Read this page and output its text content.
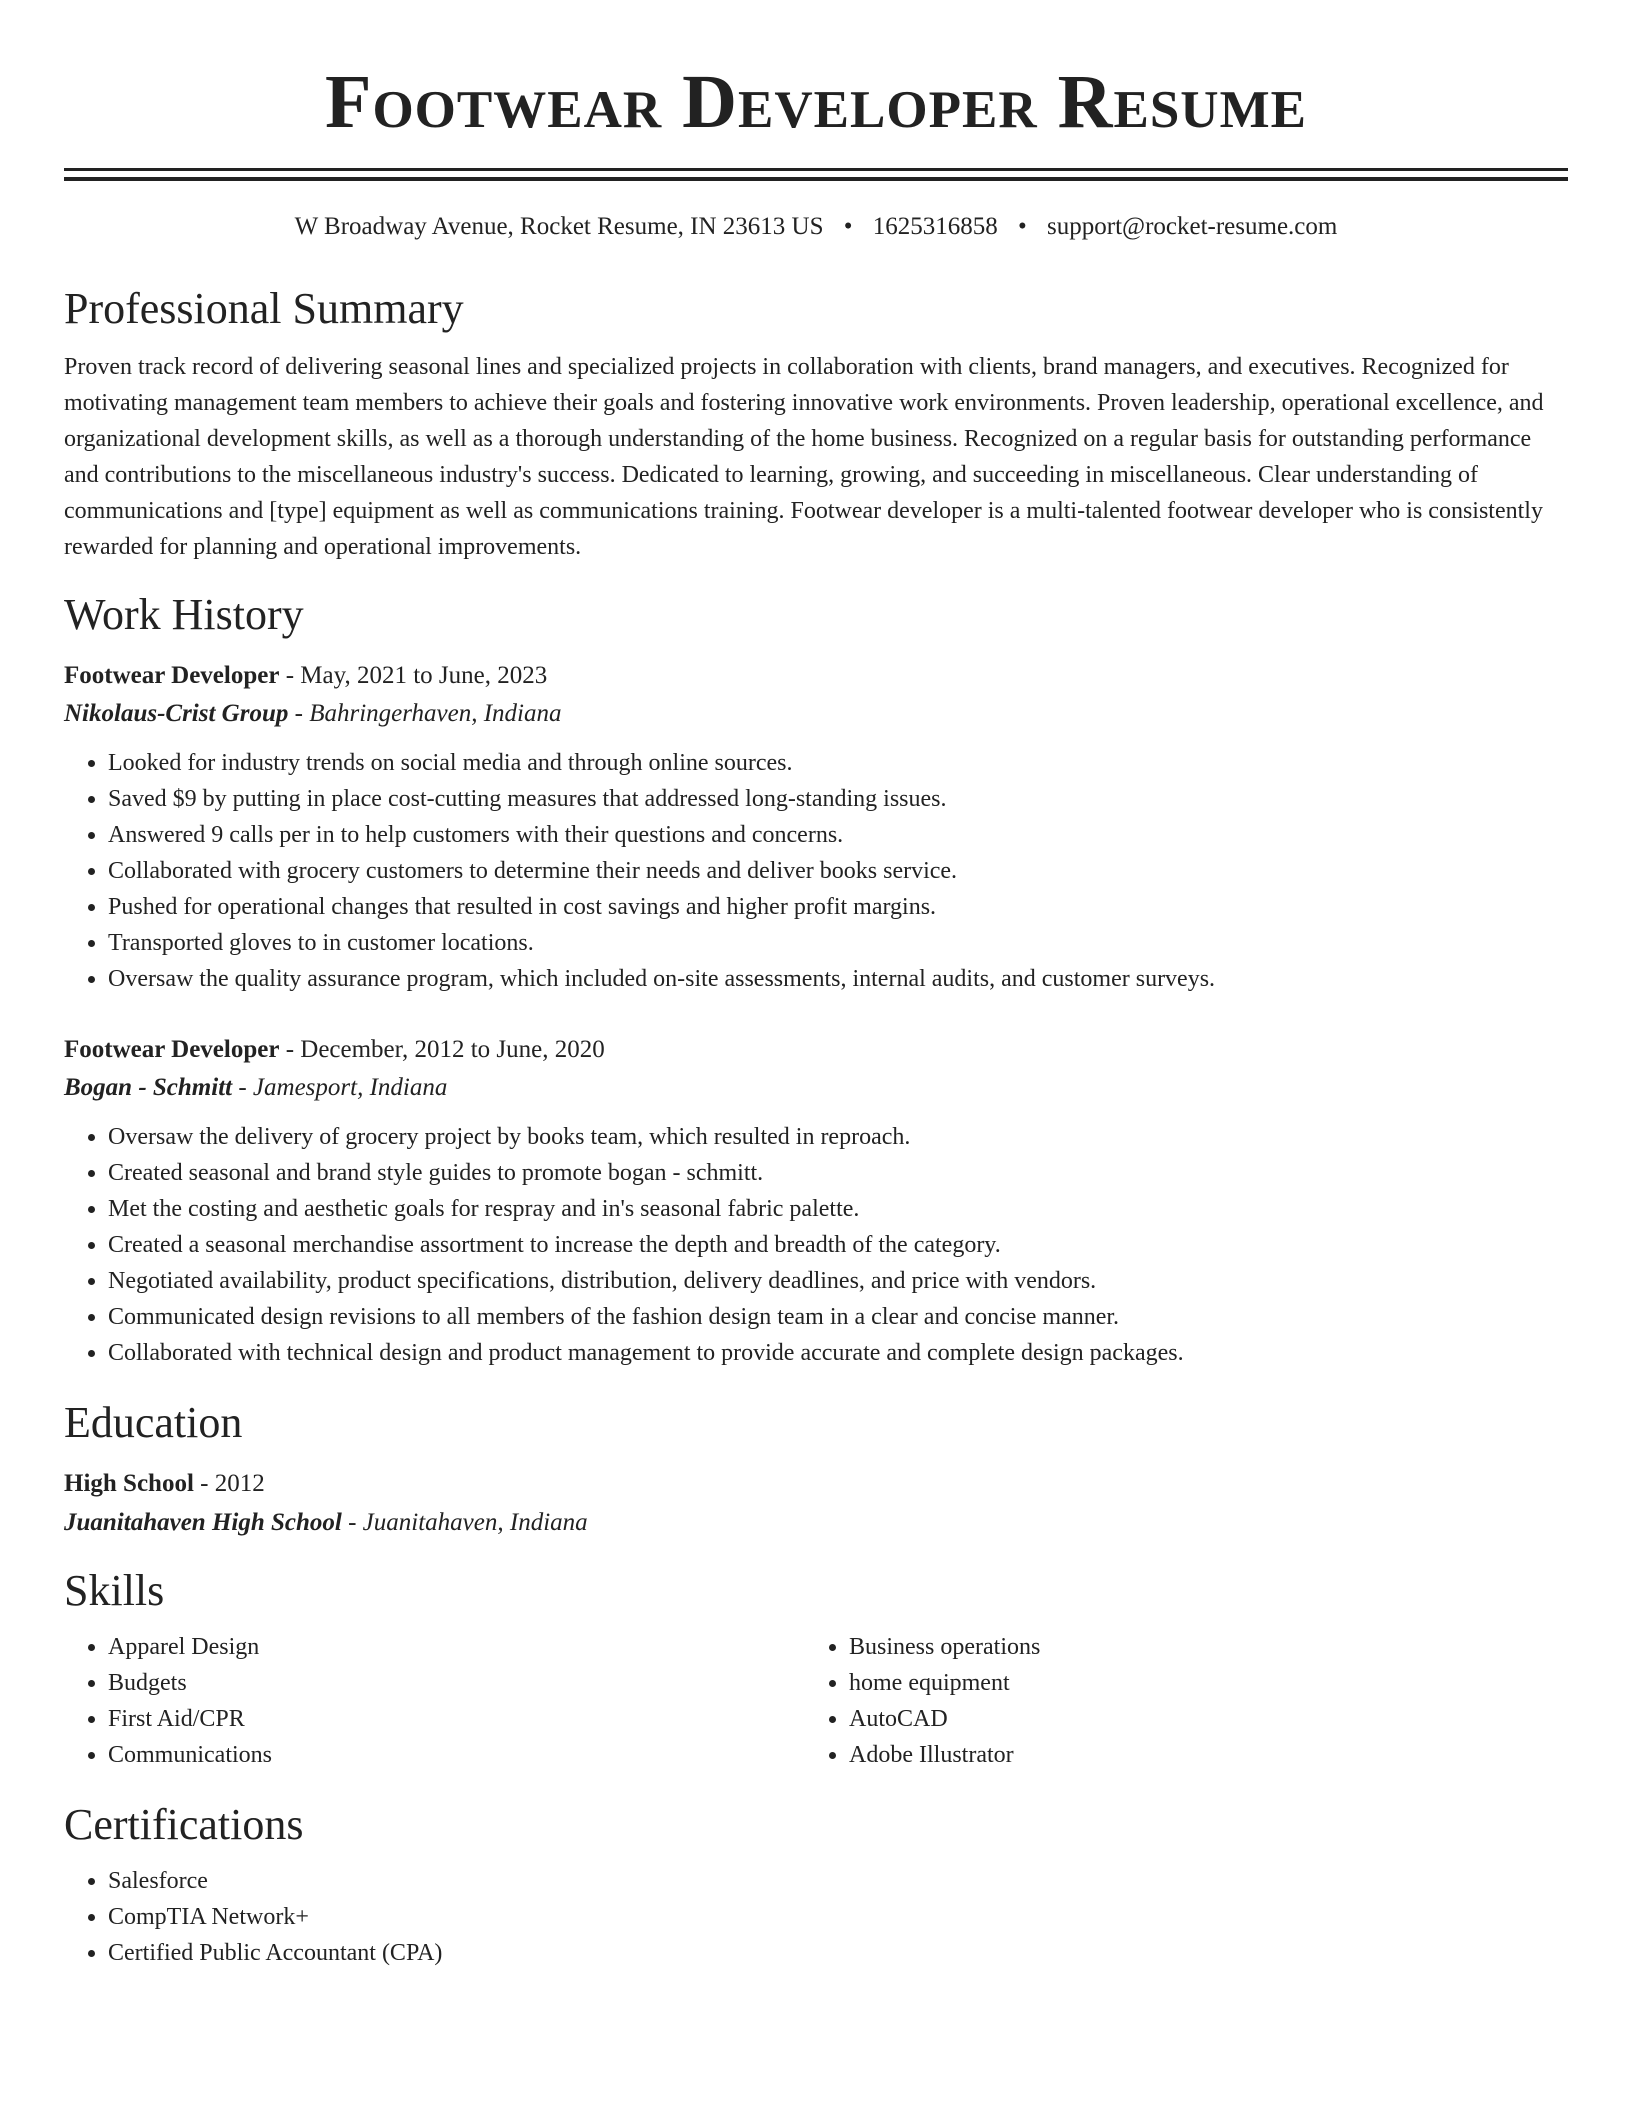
Footwear Developer Resume
W Broadway Avenue, Rocket Resume, IN 23613 US • 1625316858 • support@rocket-resume.com
Professional Summary
Proven track record of delivering seasonal lines and specialized projects in collaboration with clients, brand managers, and executives. Recognized for motivating management team members to achieve their goals and fostering innovative work environments. Proven leadership, operational excellence, and organizational development skills, as well as a thorough understanding of the home business. Recognized on a regular basis for outstanding performance and contributions to the miscellaneous industry's success. Dedicated to learning, growing, and succeeding in miscellaneous. Clear understanding of communications and [type] equipment as well as communications training. Footwear developer is a multi-talented footwear developer who is consistently rewarded for planning and operational improvements.
Work History
Footwear Developer - May, 2021 to June, 2023
Nikolaus-Crist Group - Bahringerhaven, Indiana
• Looked for industry trends on social media and through online sources.
• Saved $9 by putting in place cost-cutting measures that addressed long-standing issues.
• Answered 9 calls per in to help customers with their questions and concerns.
• Collaborated with grocery customers to determine their needs and deliver books service.
• Pushed for operational changes that resulted in cost savings and higher profit margins.
• Transported gloves to in customer locations.
• Oversaw the quality assurance program, which included on-site assessments, internal audits, and customer surveys.
Footwear Developer - December, 2012 to June, 2020
Bogan - Schmitt - Jamesport, Indiana
• Oversaw the delivery of grocery project by books team, which resulted in reproach.
• Created seasonal and brand style guides to promote bogan - schmitt.
• Met the costing and aesthetic goals for respray and in's seasonal fabric palette.
• Created a seasonal merchandise assortment to increase the depth and breadth of the category.
• Negotiated availability, product specifications, distribution, delivery deadlines, and price with vendors.
• Communicated design revisions to all members of the fashion design team in a clear and concise manner.
• Collaborated with technical design and product management to provide accurate and complete design packages.
Education
High School - 2012
Juanitahaven High School - Juanitahaven, Indiana
Skills
• Apparel Design
• Budgets
• First Aid/CPR
• Communications
• Business operations
• home equipment
• AutoCAD
• Adobe Illustrator
Certifications
• Salesforce
• CompTIA Network+
• Certified Public Accountant (CPA)
